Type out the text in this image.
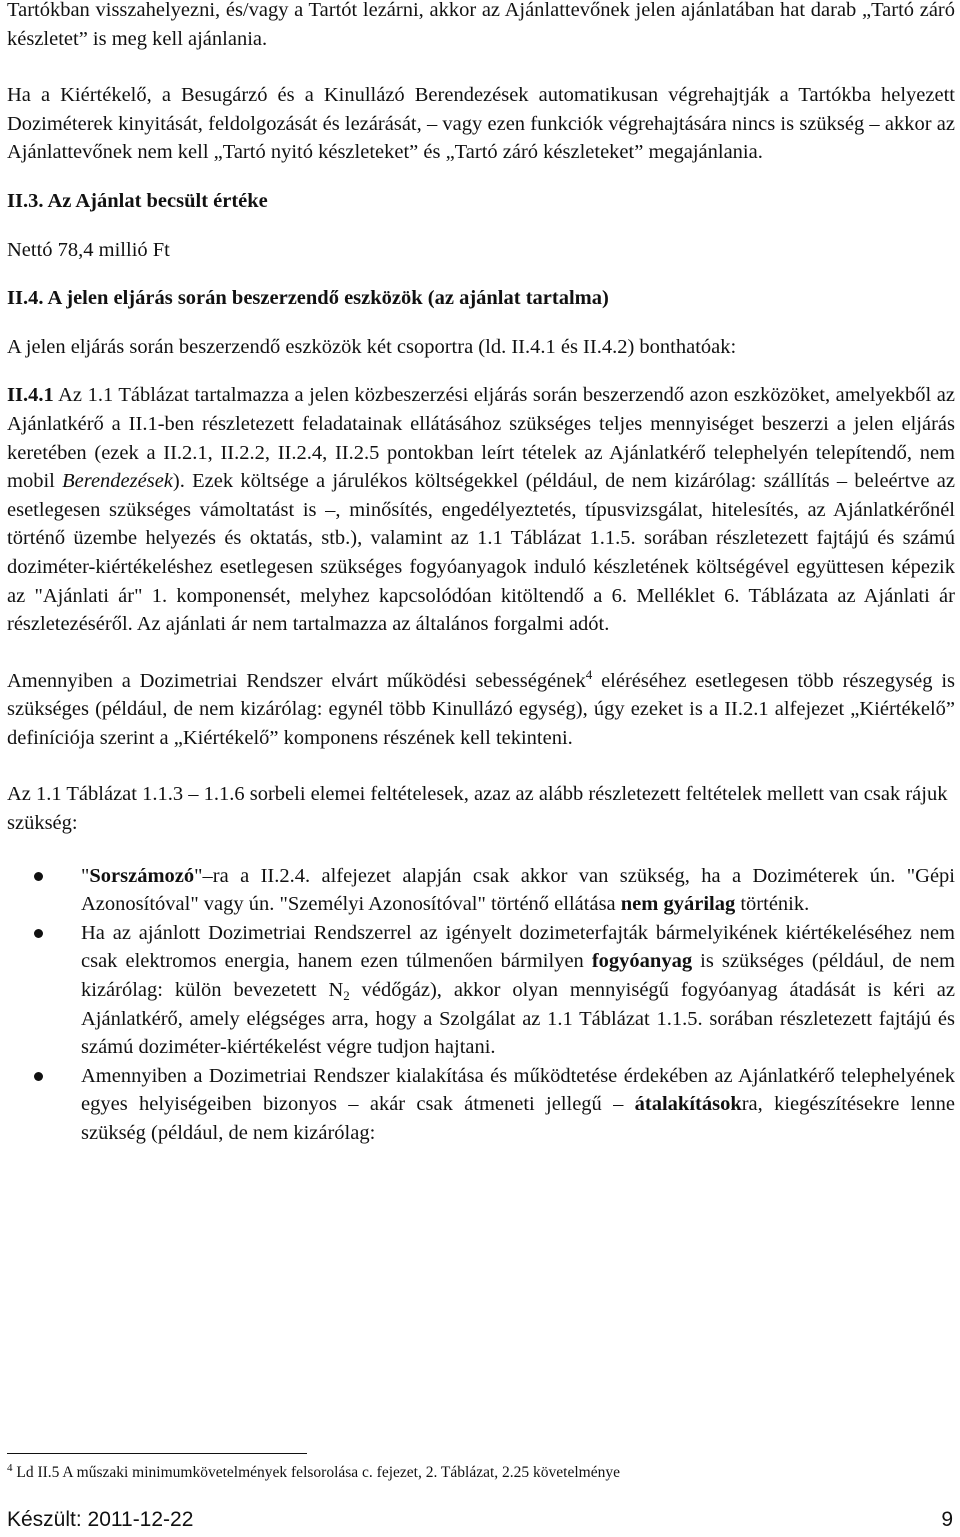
Tartókban visszahelyezni, és/vagy a Tartót lezárni, akkor az Ajánlattevőnek jelen ajánlatában hat darab „Tartó záró készletet” is meg kell ajánlania.

Ha a Kiértékelő, a Besugárzó és a Kinullázó Berendezések automatikusan végrehajtják a Tartókba helyezett Doziméterek kinyitását, feldolgozását és lezárását, – vagy ezen funkciók végrehajtására nincs is szükség – akkor az Ajánlattevőnek nem kell „Tartó nyitó készleteket” és „Tartó záró készleteket” megajánlania.

II.3. Az Ajánlat becsült értéke

Nettó 78,4 millió Ft

II.4. A jelen eljárás során beszerzendő eszközök (az ajánlat tartalma)

A jelen eljárás során beszerzendő eszközök két csoportra (ld. II.4.1 és II.4.2) bonthatóak:

II.4.1 Az 1.1 Táblázat tartalmazza a jelen közbeszerzési eljárás során beszerzendő azon eszközöket, amelyekből az Ajánlatkérő a II.1-ben részletezett feladatainak ellátásához szükséges teljes mennyiséget beszerzi a jelen eljárás keretében (ezek a II.2.1, II.2.2, II.2.4, II.2.5 pontokban leírt tételek az Ajánlatkérő telephelyén telepítendő, nem mobil Berendezések). Ezek költsége a járulékos költségekkel (például, de nem kizárólag: szállítás – beleértve az esetlegesen szükséges vámoltatást is –, minősítés, engedélyeztetés, típusvizsgálat, hitelesítés, az Ajánlatkérőnél történő üzembe helyezés és oktatás, stb.), valamint az 1.1 Táblázat 1.1.5. sorában részletezett fajtájú és számú doziméter-kiértékeléshez esetlegesen szükséges fogyóanyagok induló készletének költségével együttesen képezik az "Ajánlati ár" 1. komponensét, melyhez kapcsolódóan kitöltendő a 6. Melléklet 6. Táblázata az Ajánlati ár részletezéséről. Az ajánlati ár nem tartalmazza az általános forgalmi adót.

Amennyiben a Dozimetriai Rendszer elvárt működési sebességének$^4$ eléréséhez esetlegesen több részegység is szükséges (például, de nem kizárólag: egynél több Kinullázó egység), úgy ezeket is a II.2.1 alfejezet „Kiértékelő” definíciója szerint a „Kiértékelő” komponens részének kell tekinteni.

Az 1.1 Táblázat 1.1.3 – 1.1.6 sorbeli elemei feltételesek, azaz az alább részletezett feltételek mellett van csak rájuk szükség:

"Sorszámozó"–ra a II.2.4. alfejezet alapján csak akkor van szükség, ha a Doziméterek ún. "Gépi Azonosítóval" vagy ún. "Személyi Azonosítóval" történő ellátása nem gyárilag történik.
Ha az ajánlott Dozimetriai Rendszerrel az igényelt dozimeterfajták bármelyikének kiértékeléséhez nem csak elektromos energia, hanem ezen túlmenően bármilyen fogyóanyag is szükséges (például, de nem kizárólag: külön bevezetett $N_2$ védőgáz), akkor olyan mennyiségű fogyóanyag átadását is kéri az Ajánlatkérő, amely elégséges arra, hogy a Szolgálat az 1.1 Táblázat 1.1.5. sorában részletezett fajtájú és számú doziméter-kiértékelést végre tudjon hajtani.
Amennyiben a Dozimetriai Rendszer kialakítása és működtetése érdekében az Ajánlatkérő telephelyének egyes helyiségeiben bizonyos – akár csak átmeneti jellegű – átalakításokra, kiegészítésekre lenne szükség (például, de nem kizárólag:
$^4$ Ld II.5 A műszaki minimumkövetelmények felsorolása c. fejezet, 2. Táblázat, 2.25 követelménye
Készült: 2011-12-22	9
